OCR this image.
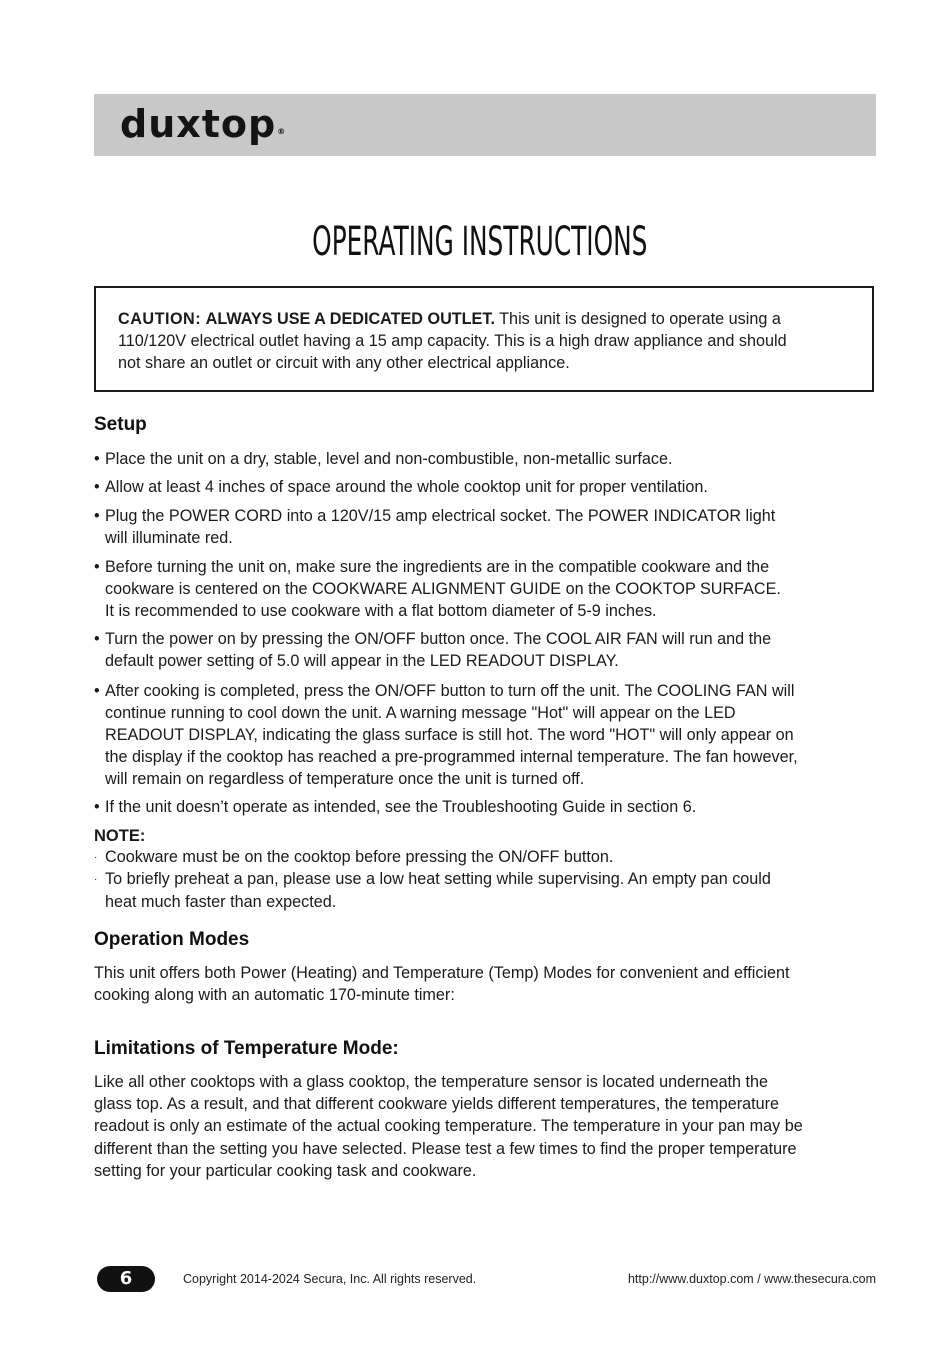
duxtop®
OPERATING INSTRUCTIONS
CAUTION: ALWAYS USE A DEDICATED OUTLET. This unit is designed to operate using a
110/120V electrical outlet having a 15 amp capacity. This is a high draw appliance and should
not share an outlet or circuit with any other electrical appliance.
Setup
• Place the unit on a dry, stable, level and non-combustible, non-metallic surface.
• Allow at least 4 inches of space around the whole cooktop unit for proper ventilation.
• Plug the POWER CORD into a 120V/15 amp electrical socket. The POWER INDICATOR light
will illuminate red.
• Before turning the unit on, make sure the ingredients are in the compatible cookware and the
cookware is centered on the COOKWARE ALIGNMENT GUIDE on the COOKTOP SURFACE.
It is recommended to use cookware with a flat bottom diameter of 5-9 inches.
• Turn the power on by pressing the ON/OFF button once. The COOL AIR FAN will run and the
default power setting of 5.0 will appear in the LED READOUT DISPLAY.
• After cooking is completed, press the ON/OFF button to turn off the unit. The COOLING FAN will
continue running to cool down the unit. A warning message "Hot" will appear on the LED
READOUT DISPLAY, indicating the glass surface is still hot. The word "HOT" will only appear on
the display if the cooktop has reached a pre-programmed internal temperature. The fan however,
will remain on regardless of temperature once the unit is turned off.
• If the unit doesn’t operate as intended, see the Troubleshooting Guide in section 6.
NOTE:
· Cookware must be on the cooktop before pressing the ON/OFF button.
· To briefly preheat a pan, please use a low heat setting while supervising. An empty pan could
heat much faster than expected.
Operation Modes
This unit offers both Power (Heating) and Temperature (Temp) Modes for convenient and efficient
cooking along with an automatic 170-minute timer:
Limitations of Temperature Mode:
Like all other cooktops with a glass cooktop, the temperature sensor is located underneath the
glass top. As a result, and that different cookware yields different temperatures, the temperature
readout is only an estimate of the actual cooking temperature. The temperature in your pan may be
different than the setting you have selected. Please test a few times to find the proper temperature
setting for your particular cooking task and cookware.
6	Copyright 2014-2024 Secura, Inc. All rights reserved.	http://www.duxtop.com / www.thesecura.com
